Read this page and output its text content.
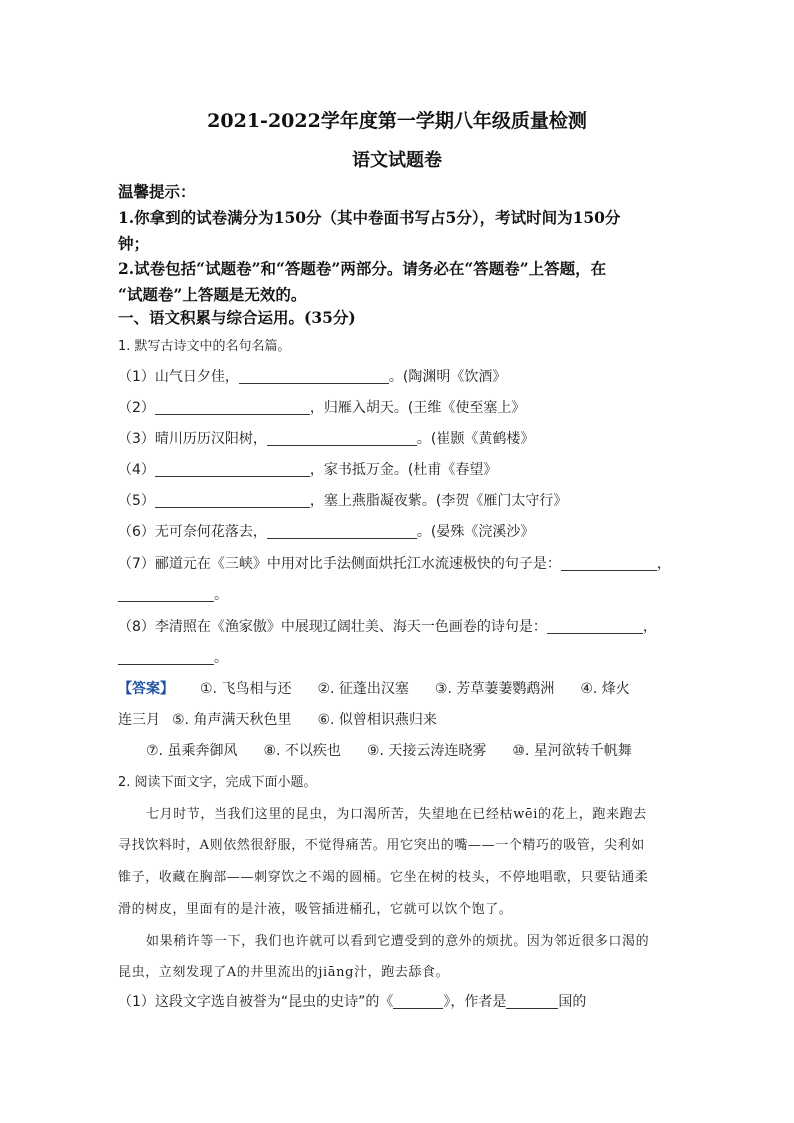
2021-2022学年度第一学期八年级质量检测
语文试题卷
温馨提示：
1.你拿到的试卷满分为150分（其中卷面书写占5分），考试时间为150分
钟；
2.试卷包括“试题卷”和“答题卷”两部分。请务必在“答题卷”上答题，在
“试题卷”上答题是无效的。
一、语文积累与综合运用。(35分)
1. 默写古诗文中的名句名篇。
（1）山气日夕佳，	。(陶渊明《饮酒》
（2）	，归雁入胡天。(王维《使至塞上》
（3）晴川历历汉阳树，	。(崔颢《黄鹤楼》
（4）	，家书抵万金。(杜甫《春望》
（5）	，塞上燕脂凝夜紫。(李贺《雁门太守行》
（6）无可奈何花落去，	。(晏殊《浣溪沙》
（7）郦道元在《三峡》中用对比手法侧面烘托江水流速极快的句子是：	，
。
（8）李清照在《渔家傲》中展现辽阔壮美、海天一色画卷的诗句是：	，
。
【答案】 ①. 飞鸟相与还 ②. 征蓬出汉塞 ③. 芳草萋萋鹦鹉洲 ④. 烽火
连三月 ⑤. 角声满天秋色里 ⑥. 似曾相识燕归来
⑦. 虽乘奔御风 ⑧. 不以疾也 ⑨. 天接云涛连晓雾 ⑩. 星河欲转千帆舞
2. 阅读下面文字，完成下面小题。
七月时节，当我们这里的昆虫，为口渴所苦，失望地在已经枯wēi的花上，跑来跑去
寻找饮料时，A则依然很舒服，不觉得痛苦。用它突出的嘴——一个精巧的吸管，尖利如
锥子，收藏在胸部——刺穿饮之不竭的圆桶。它坐在树的枝头，不停地唱歌，只要钻通柔
滑的树皮，里面有的是汁液，吸管插进桶孔，它就可以饮个饱了。
如果稍许等一下，我们也许就可以看到它遭受到的意外的烦扰。因为邻近很多口渴的
昆虫，立刻发现了A的井里流出的jiāng汁，跑去舔食。
（1）这段文字选自被誉为“昆虫的史诗”的《	》，作者是	国的
